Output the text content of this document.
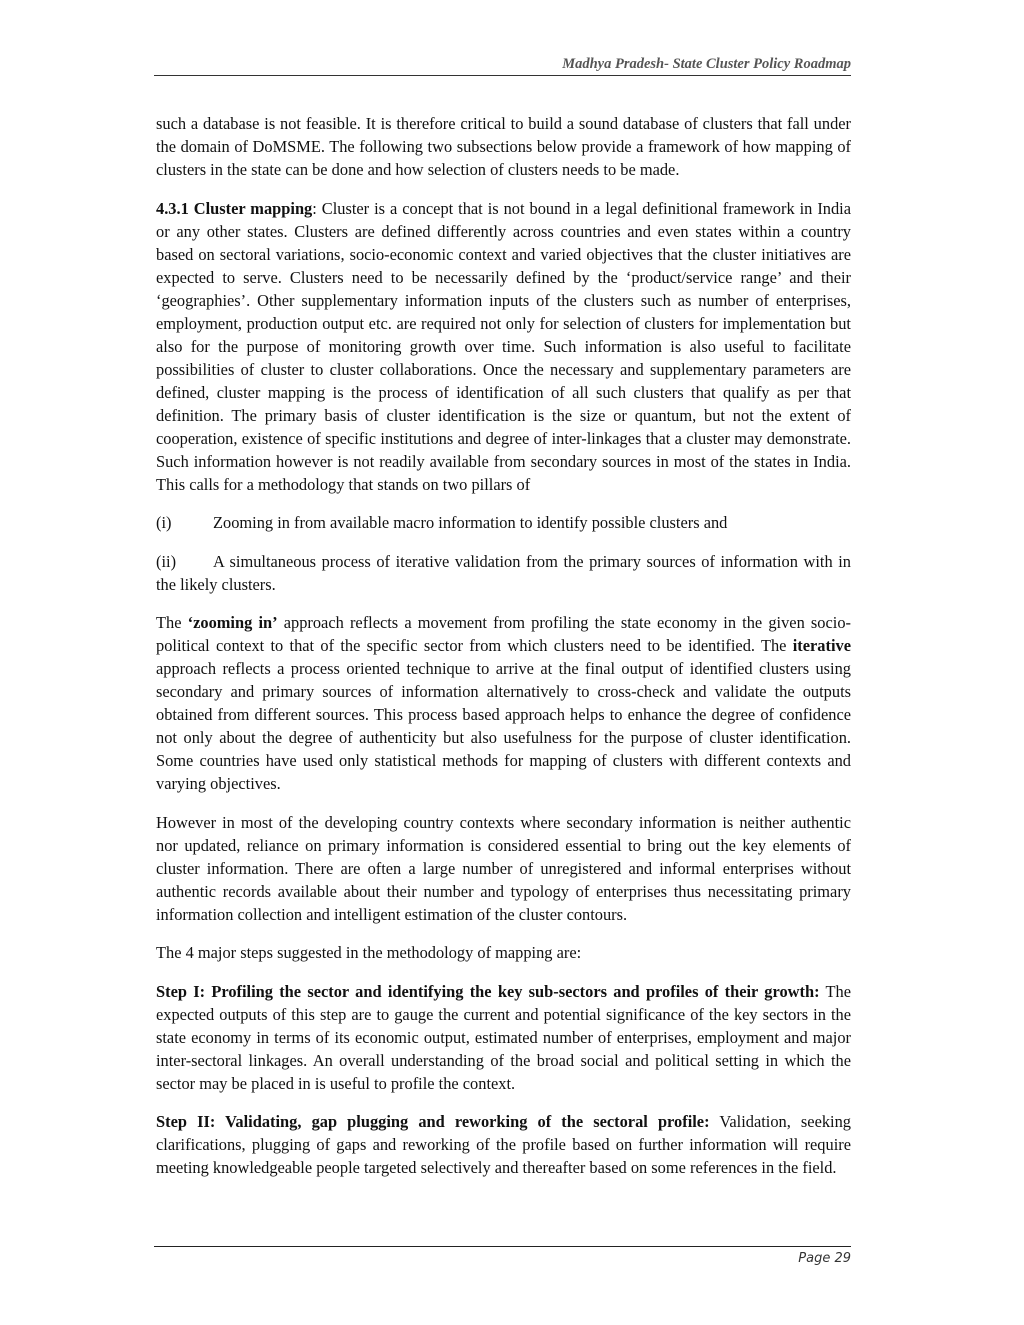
Madhya Pradesh- State Cluster Policy Roadmap

such a database is not feasible. It is therefore critical to build a sound database of clusters that fall under the domain of DoMSME. The following two subsections below provide a framework of how mapping of clusters in the state can be done and how selection of clusters needs to be made.

4.3.1 Cluster mapping: Cluster is a concept that is not bound in a legal definitional framework in India or any other states. Clusters are defined differently across countries and even states within a country based on sectoral variations, socio-economic context and varied objectives that the cluster initiatives are expected to serve. Clusters need to be necessarily defined by the ‘product/service range’ and their ‘geographies’. Other supplementary information inputs of the clusters such as number of enterprises, employment, production output etc. are required not only for selection of clusters for implementation but also for the purpose of monitoring growth over time. Such information is also useful to facilitate possibilities of cluster to cluster collaborations. Once the necessary and supplementary parameters are defined, cluster mapping is the process of identification of all such clusters that qualify as per that definition. The primary basis of cluster identification is the size or quantum, but not the extent of cooperation, existence of specific institutions and degree of inter-linkages that a cluster may demonstrate. Such information however is not readily available from secondary sources in most of the states in India. This calls for a methodology that stands on two pillars of

(i)	Zooming in from available macro information to identify possible clusters and
(ii) A simultaneous process of iterative validation from the primary sources of information with in the likely clusters.

The ‘zooming in’ approach reflects a movement from profiling the state economy in the given socio-political context to that of the specific sector from which clusters need to be identified. The iterative approach reflects a process oriented technique to arrive at the final output of identified clusters using secondary and primary sources of information alternatively to cross-check and validate the outputs obtained from different sources. This process based approach helps to enhance the degree of confidence not only about the degree of authenticity but also usefulness for the purpose of cluster identification. Some countries have used only statistical methods for mapping of clusters with different contexts and varying objectives.

However in most of the developing country contexts where secondary information is neither authentic nor updated, reliance on primary information is considered essential to bring out the key elements of cluster information. There are often a large number of unregistered and informal enterprises without authentic records available about their number and typology of enterprises thus necessitating primary information collection and intelligent estimation of the cluster contours.

The 4 major steps suggested in the methodology of mapping are:

Step I: Profiling the sector and identifying the key sub-sectors and profiles of their growth: The expected outputs of this step are to gauge the current and potential significance of the key sectors in the state economy in terms of its economic output, estimated number of enterprises, employment and major inter-sectoral linkages. An overall understanding of the broad social and political setting in which the sector may be placed in is useful to profile the context.

Step II: Validating, gap plugging and reworking of the sectoral profile: Validation, seeking clarifications, plugging of gaps and reworking of the profile based on further information will require meeting knowledgeable people targeted selectively and thereafter based on some references in the field.

Page 29
